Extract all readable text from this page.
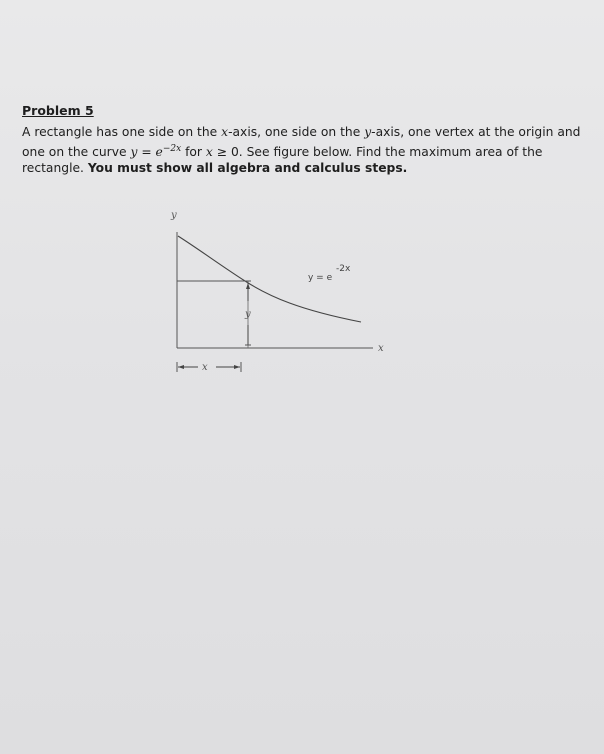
Problem 5
A rectangle has one side on the x-axis, one side on the y-axis, one vertex at the origin and one on the curve $y = e^{-2x}$ for x ≥ 0. See figure below. Find the maximum area of the rectangle. You must show all algebra and calculus steps.
y
x
y = e
-2x
y
x
